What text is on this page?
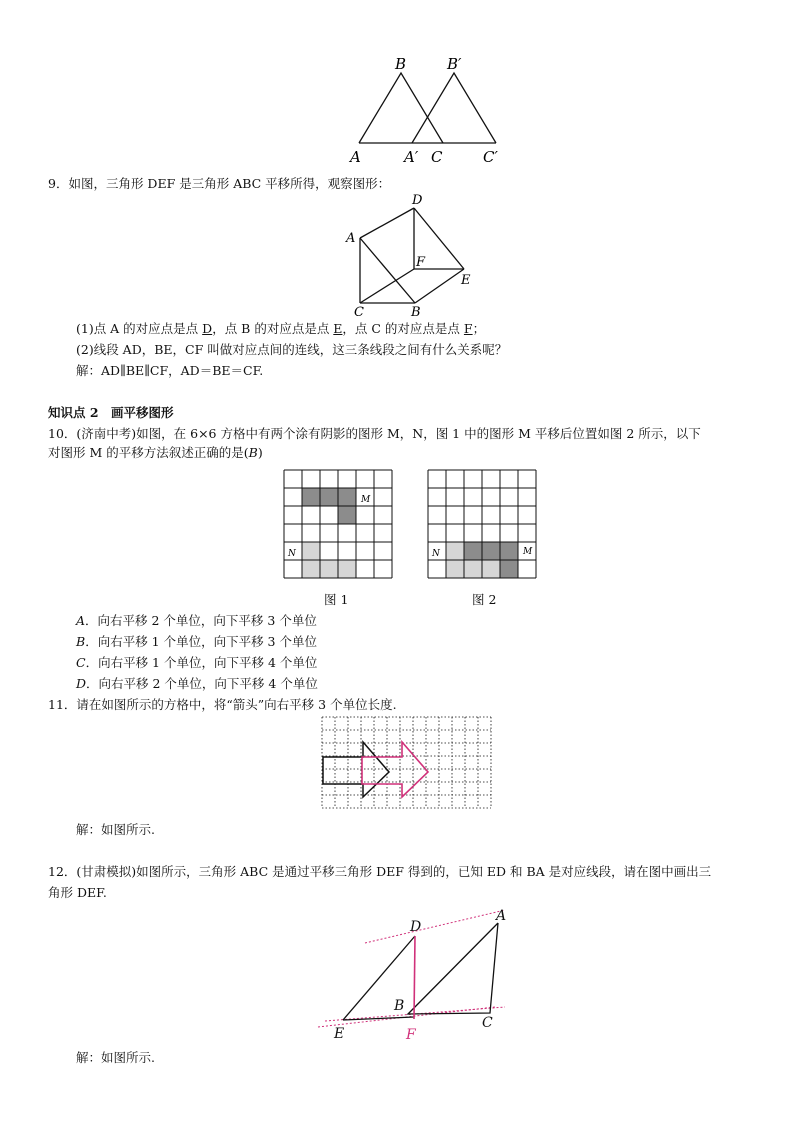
B	B′
A	A′ C	C′
9．如图，三角形 DEF 是三角形 ABC 平移所得，观察图形：
D
A
F
E
C	B
(1)点 A 的对应点是点 D，点 B 的对应点是点 E，点 C 的对应点是点 F；
(2)线段 AD，BE，CF 叫做对应点间的连线，这三条线段之间有什么关系呢？
解：AD∥BE∥CF，AD＝BE＝CF.
知识点 2　画平移图形
10．(济南中考)如图，在 6×6 方格中有两个涂有阴影的图形 M，N，图 1 中的图形 M 平移后位置如图 2 所示，以下
对图形 M 的平移方法叙述正确的是(B)
M
N	N	M
图 1	图 2
A．向右平移 2 个单位，向下平移 3 个单位
B．向右平移 1 个单位，向下平移 3 个单位
C．向右平移 1 个单位，向下平移 4 个单位
D．向右平移 2 个单位，向下平移 4 个单位
11．请在如图所示的方格中，将“箭头”向右平移 3 个单位长度.
解：如图所示.
12．(甘肃模拟)如图所示，三角形 ABC 是通过平移三角形 DEF 得到的，已知 ED 和 BA 是对应线段，请在图中画出三
角形 DEF.
D
A
B
E	F
C
解：如图所示.
